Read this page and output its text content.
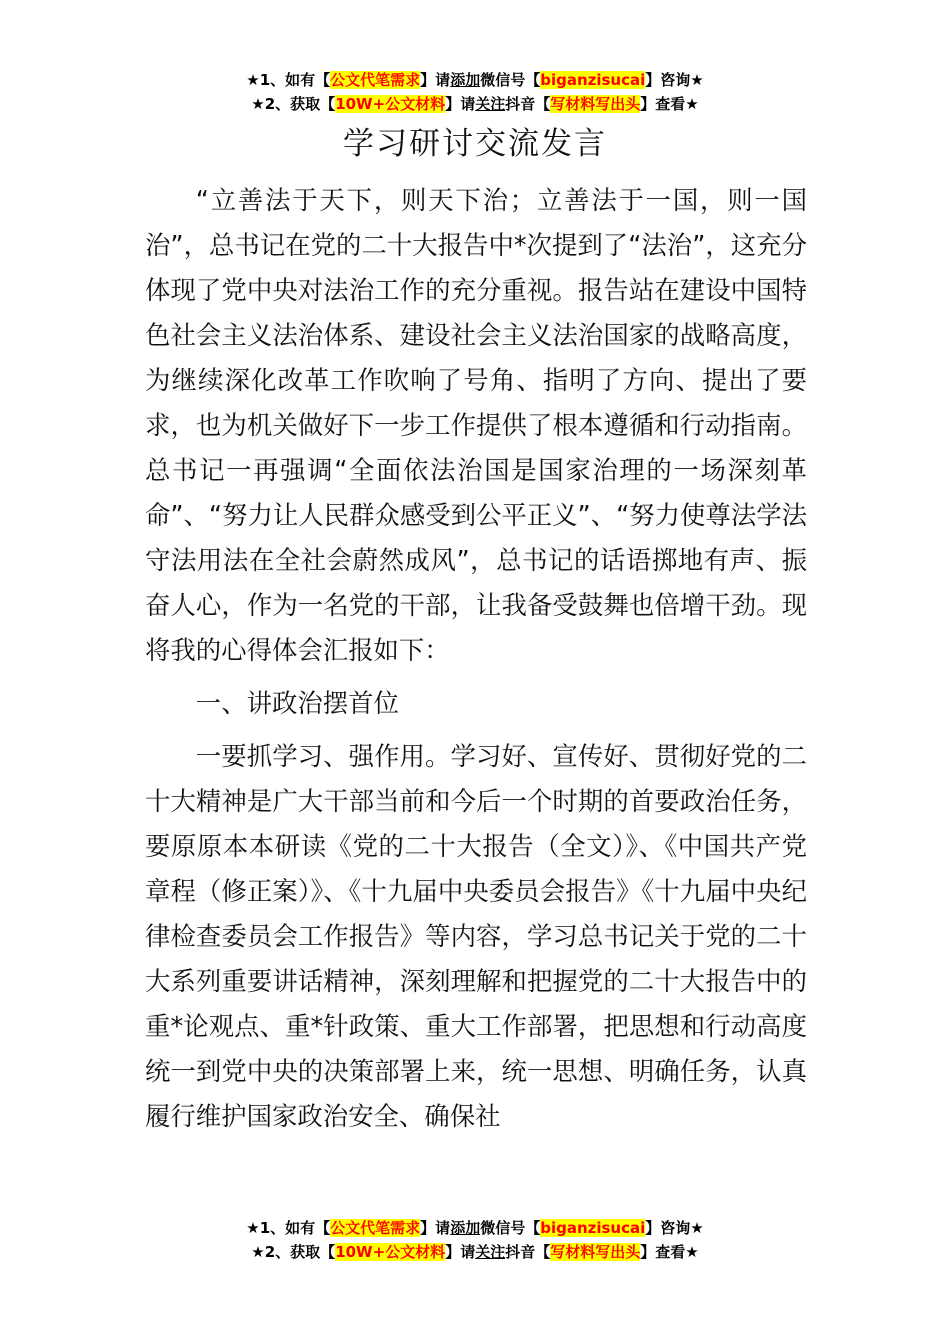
★1、如有【公文代笔需求】请添加微信号【biganzisucai】咨询★
★2、获取【10W+公文材料】请关注抖音【写材料写出头】查看★
学习研讨交流发言

“立善法于天下，则天下治；立善法于一国，则一国治”，总书记在党的二十大报告中*次提到了“法治”，这充分体现了党中央对法治工作的充分重视。报告站在建设中国特色社会主义法治体系、建设社会主义法治国家的战略高度，为继续深化改革工作吹响了号角、指明了方向、提出了要求，也为机关做好下一步工作提供了根本遵循和行动指南。总书记一再强调“全面依法治国是国家治理的一场深刻革命”、“努力让人民群众感受到公平正义”、“努力使尊法学法守法用法在全社会蔚然成风”，总书记的话语掷地有声、振奋人心，作为一名党的干部，让我备受鼓舞也倍增干劲。现将我的心得体会汇报如下：

一、讲政治摆首位

一要抓学习、强作用。学习好、宣传好、贯彻好党的二十大精神是广大干部当前和今后一个时期的首要政治任务，要原原本本研读《党的二十大报告（全文）》、《中国共产党章程（修正案）》、《十九届中央委员会报告》《十九届中央纪律检查委员会工作报告》等内容，学习总书记关于党的二十大系列重要讲话精神，深刻理解和把握党的二十大报告中的重*论观点、重*针政策、重大工作部署，把思想和行动高度统一到党中央的决策部署上来，统一思想、明确任务，认真履行维护国家政治安全、确保社

★1、如有【公文代笔需求】请添加微信号【biganzisucai】咨询★
★2、获取【10W+公文材料】请关注抖音【写材料写出头】查看★
